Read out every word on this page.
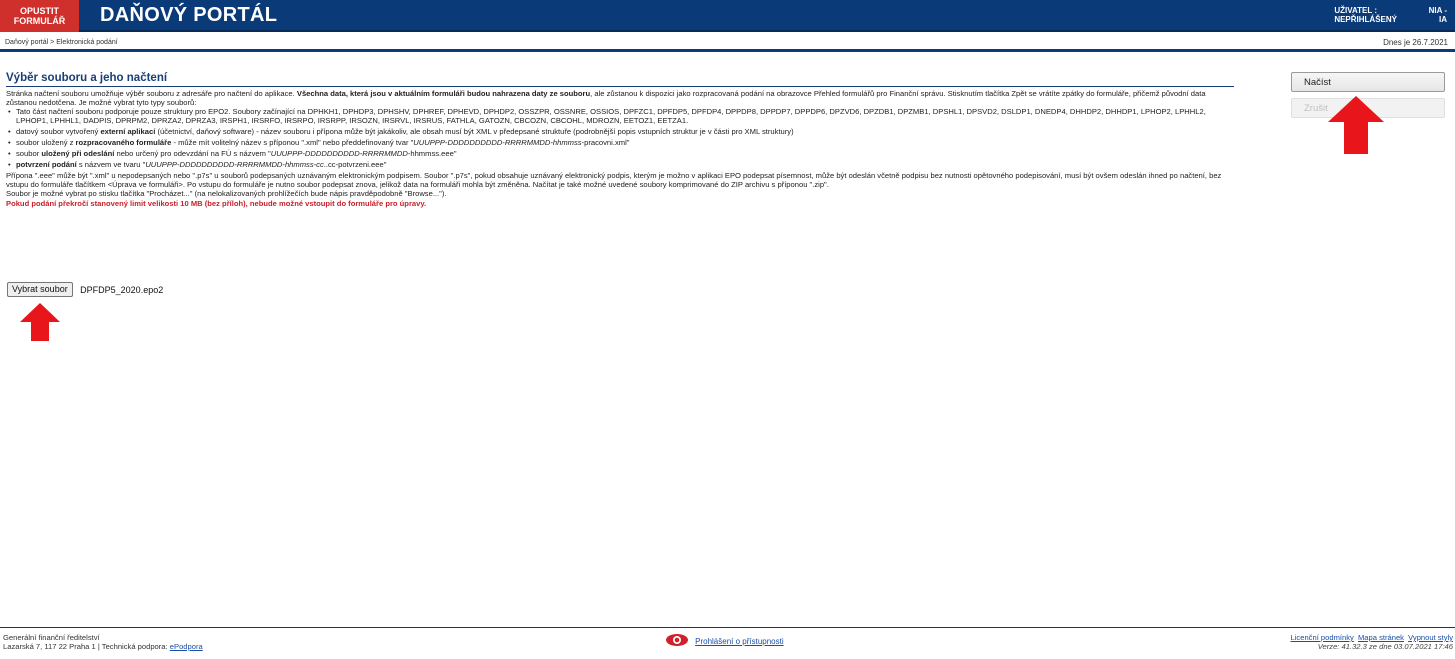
OPUSTIT
FORMULÁŘ	DAŇOVÝ PORTÁL	UŽIVATEL :
NEPŘIHLÁŠENÝ
NIA -
IA
Daňový portál > Elektronická podání	Dnes je 26.7.2021
Výběr souboru a jeho načtení

Stránka načtení souboru umožňuje výběr souboru z adresáře pro načtení do aplikace. Všechna data, která jsou v aktuálním formuláři budou nahrazena daty ze souboru, ale zůstanou k dispozici jako rozpracovaná podání na obrazovce Přehled formulářů pro Finanční správu. Stisknutím tlačítka Zpět se vrátíte zpátky do formuláře, přičemž původní data zůstanou nedotčena. Je možné vybrat tyto typy souborů:

• Tato část načtení souboru podporuje pouze struktury pro EPO2. Soubory začínající na DPHKH1, DPHDP3, DPHSHV, DPHREF, DPHEVD, DPHDP2, OSSZPR, OSSNRE, OSSIOS, DPFZC1, DPFDP5, DPFDP4, DPPDP8, DPPDP7, DPPDP6, DPZVD6, DPZDB1, DPZMB1, DPSHL1, DPSVD2, DSLDP1, DNEDP4, DHHDP2, DHHDP1, LPHOP2, LPHHL2, LPHOP1, LPHHL1, DADPIS, DPRPM2, DPRZA2, DPRZA3, IRSPH1, IRSRFO, IRSRPO, IRSRPP, IRSOZN, IRSRVL, IRSRUS, FATHLA, GATOZN, CBCOZN, CBCOHL, MDROZN, EETOZ1, EETZA1.
• datový soubor vytvořený externí aplikací (účetnictví, daňový software) - název souboru i přípona může být jakákoliv, ale obsah musí být XML v předepsané struktuře (podrobnější popis vstupních struktur je v části pro XML struktury)
• soubor uložený z rozpracovaného formuláře - může mít volitelný název s příponou ".xml" nebo předdefinovaný tvar "UUUPPP-DDDDDDDDDD-RRRRMMDD-hhmmss-pracovni.xml"
• soubor uložený při odeslání nebo určený pro odevzdání na FÚ s názvem "UUUPPP-DDDDDDDDDD-RRRRMMDD-hhmmss.eee"
• potvrzení podání s názvem ve tvaru "UUUPPP-DDDDDDDDDD-RRRRMMDD-hhmmss-cc..cc-potvrzeni.eee"

Přípona ".eee" může být ".xml" u nepodepsaných nebo ".p7s" u souborů podepsaných uznávaným elektronickým podpisem. Soubor ".p7s", pokud obsahuje uznávaný elektronický podpis, kterým je možno v aplikaci EPO podepsat písemnost, může být odeslán včetně podpisu bez nutnosti opětovného podepisování, musí být ovšem odeslán ihned po načtení, bez vstupu do formuláře tlačítkem <Úprava ve formuláři>. Po vstupu do formuláře je nutno soubor podepsat znova, jelikož data na formuláři mohla být změněna. Načítat je také možné uvedené soubory komprimované do ZIP archivu s příponou ".zip".

Soubor je možné vybrat po stisku tlačítka "Procházet..." (na nelokalizovaných prohlížečích bude nápis pravděpodobně "Browse...").

Pokud podání překročí stanovený limit velikosti 10 MB (bez příloh), nebude možné vstoupit do formuláře pro úpravy.

Vybrat soubor DPFDP5_2020.epo2
Načíst
Zrušit
Generální finanční ředitelství
Lazarská 7, 117 22 Praha 1 | Technická podpora: ePodpora
Prohlášení o přístupnosti	Licenční podmínky Mapa stránek Vypnout styly
Verze: 41.32.3 ze dne 03.07.2021 17:46
